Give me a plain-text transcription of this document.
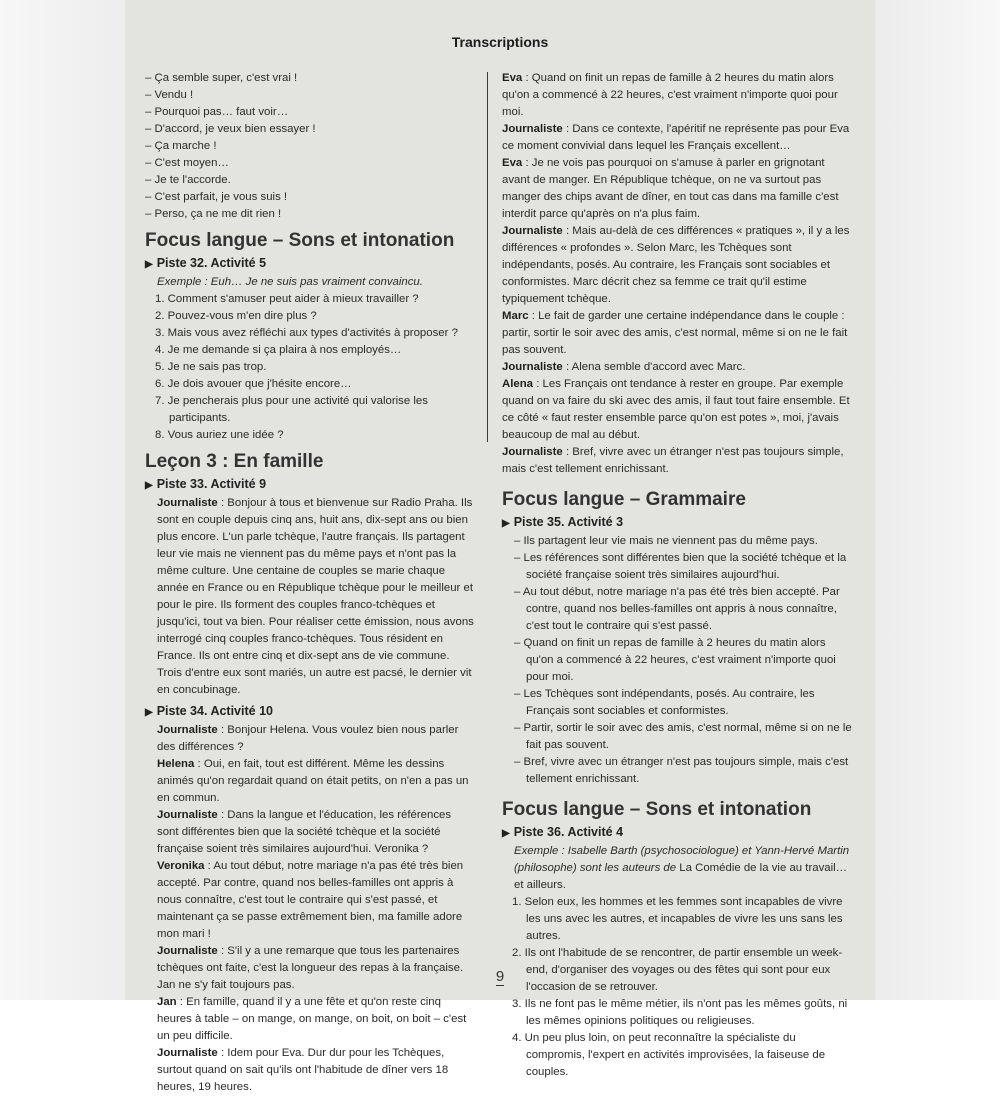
Transcriptions

– Ça semble super, c'est vrai !

– Vendu !

– Pourquoi pas… faut voir…

– D'accord, je veux bien essayer !

– Ça marche !

– C'est moyen…

– Je te l'accorde.

– C'est parfait, je vous suis !

– Perso, ça ne me dit rien !

Focus langue – Sons et intonation
▶ Piste 32. Activité 5

Exemple : Euh… Je ne suis pas vraiment convaincu.

1. Comment s'amuser peut aider à mieux travailler ?

2. Pouvez-vous m'en dire plus ?

3. Mais vous avez réfléchi aux types d'activités à proposer ?

4. Je me demande si ça plaira à nos employés…

5. Je ne sais pas trop.

6. Je dois avouer que j'hésite encore…

7. Je pencherais plus pour une activité qui valorise les participants.

8. Vous auriez une idée ?

Leçon 3 : En famille
▶ Piste 33. Activité 9

Journaliste : Bonjour à tous et bienvenue sur Radio Praha. Ils sont en couple depuis cinq ans, huit ans, dix-sept ans ou bien plus encore. L'un parle tchèque, l'autre français. Ils partagent leur vie mais ne viennent pas du même pays et n'ont pas la même culture. Une centaine de couples se marie chaque année en France ou en République tchèque pour le meilleur et pour le pire. Ils forment des couples franco-tchèques et jusqu'ici, tout va bien. Pour réaliser cette émission, nous avons interrogé cinq couples franco-tchèques. Tous résident en France. Ils ont entre cinq et dix-sept ans de vie commune. Trois d'entre eux sont mariés, un autre est pacsé, le dernier vit en concubinage.

▶ Piste 34. Activité 10

Journaliste : Bonjour Helena. Vous voulez bien nous parler des différences ?

Helena : Oui, en fait, tout est différent. Même les dessins animés qu'on regardait quand on était petits, on n'en a pas un en commun.

Journaliste : Dans la langue et l'éducation, les références sont différentes bien que la société tchèque et la société française soient très similaires aujourd'hui. Veronika ?

Veronika : Au tout début, notre mariage n'a pas été très bien accepté. Par contre, quand nos belles-familles ont appris à nous connaître, c'est tout le contraire qui s'est passé, et maintenant ça se passe extrêmement bien, ma famille adore mon mari !

Journaliste : S'il y a une remarque que tous les partenaires tchèques ont faite, c'est la longueur des repas à la française. Jan ne s'y fait toujours pas.

Jan : En famille, quand il y a une fête et qu'on reste cinq heures à table – on mange, on mange, on boit, on boit – c'est un peu difficile.

Journaliste : Idem pour Eva. Dur dur pour les Tchèques, surtout quand on sait qu'ils ont l'habitude de dîner vers 18 heures, 19 heures.

Eva : Quand on finit un repas de famille à 2 heures du matin alors qu'on a commencé à 22 heures, c'est vraiment n'importe quoi pour moi.

Journaliste : Dans ce contexte, l'apéritif ne représente pas pour Eva ce moment convivial dans lequel les Français excellent…

Eva : Je ne vois pas pourquoi on s'amuse à parler en grignotant avant de manger. En République tchèque, on ne va surtout pas manger des chips avant de dîner, en tout cas dans ma famille c'est interdit parce qu'après on n'a plus faim.

Journaliste : Mais au-delà de ces différences « pratiques », il y a les différences « profondes ». Selon Marc, les Tchèques sont indépendants, posés. Au contraire, les Français sont sociables et conformistes. Marc décrit chez sa femme ce trait qu'il estime typiquement tchèque.

Marc : Le fait de garder une certaine indépendance dans le couple : partir, sortir le soir avec des amis, c'est normal, même si on ne le fait pas souvent.

Journaliste : Alena semble d'accord avec Marc.

Alena : Les Français ont tendance à rester en groupe. Par exemple quand on va faire du ski avec des amis, il faut tout faire ensemble. Et ce côté « faut rester ensemble parce qu'on est potes », moi, j'avais beaucoup de mal au début.

Journaliste : Bref, vivre avec un étranger n'est pas toujours simple, mais c'est tellement enrichissant.

Focus langue – Grammaire
▶ Piste 35. Activité 3

– Ils partagent leur vie mais ne viennent pas du même pays.

– Les références sont différentes bien que la société tchèque et la société française soient très similaires aujourd'hui.

– Au tout début, notre mariage n'a pas été très bien accepté. Par contre, quand nos belles-familles ont appris à nous connaître, c'est tout le contraire qui s'est passé.

– Quand on finit un repas de famille à 2 heures du matin alors qu'on a commencé à 22 heures, c'est vraiment n'importe quoi pour moi.

– Les Tchèques sont indépendants, posés. Au contraire, les Français sont sociables et conformistes.

– Partir, sortir le soir avec des amis, c'est normal, même si on ne le fait pas souvent.

– Bref, vivre avec un étranger n'est pas toujours simple, mais c'est tellement enrichissant.

Focus langue – Sons et intonation
▶ Piste 36. Activité 4

Exemple : Isabelle Barth (psychosociologue) et Yann-Hervé Martin (philosophe) sont les auteurs de La Comédie de la vie au travail… et ailleurs.

1. Selon eux, les hommes et les femmes sont incapables de vivre les uns avec les autres, et incapables de vivre les uns sans les autres.

2. Ils ont l'habitude de se rencontrer, de partir ensemble un week-end, d'organiser des voyages ou des fêtes qui sont pour eux l'occasion de se retrouver.

3. Ils ne font pas le même métier, ils n'ont pas les mêmes goûts, ni les mêmes opinions politiques ou religieuses.

4. Un peu plus loin, on peut reconnaître la spécialiste du compromis, l'expert en activités improvisées, la faiseuse de couples.

9
